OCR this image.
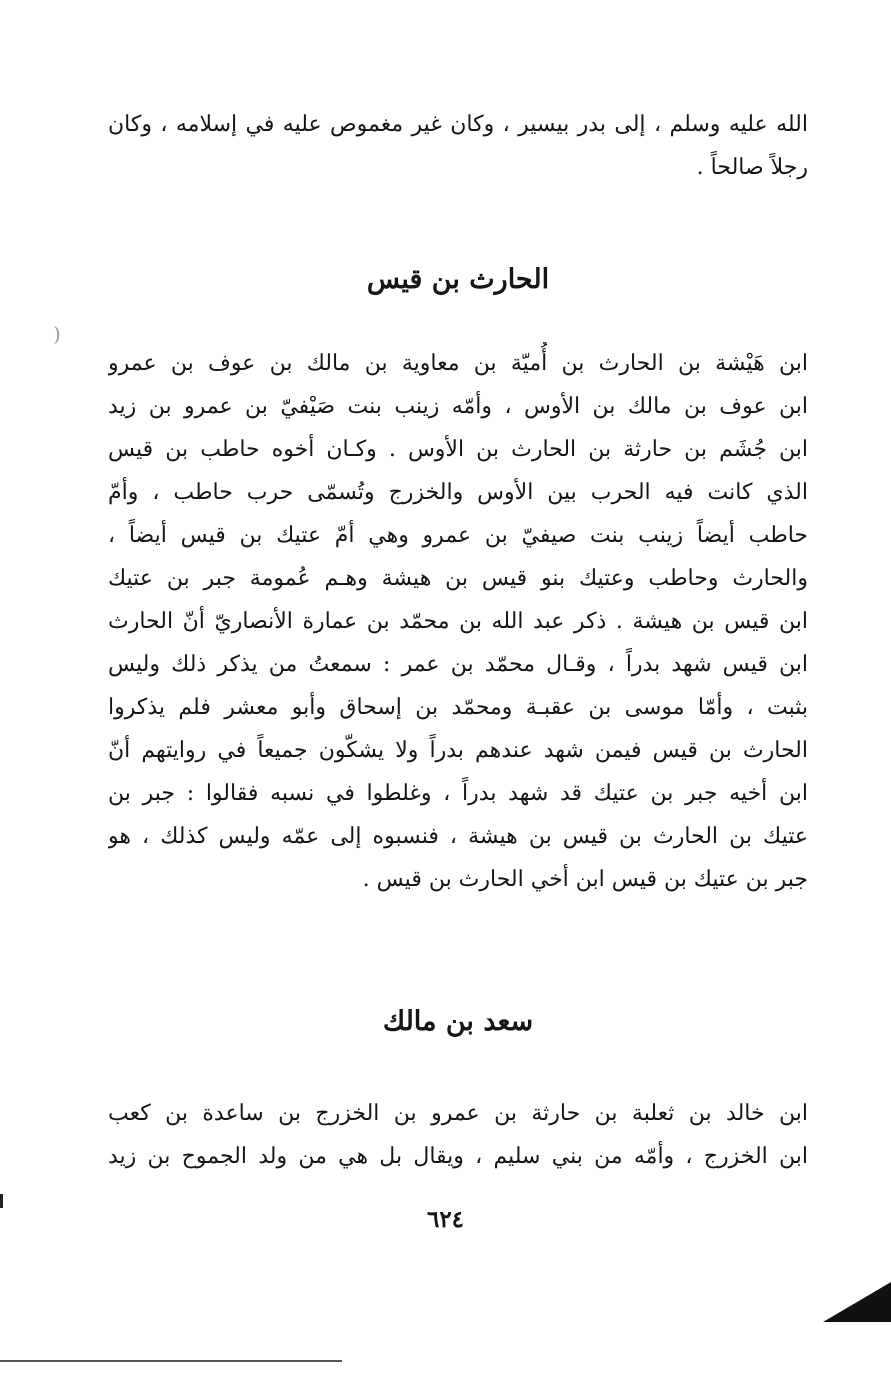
الله عليه وسلم ، إلى بدر بيسير ، وكان غير مغموص عليه في إسلامه ، وكان
رجلاً صالحاً .
الحارث بن قيس
)
ابن هَيْشة بن الحارث بن أُميّة بن معاوية بن مالك بن عوف بن عمرو
ابن عوف بن مالك بن الأوس ، وأمّه زينب بنت صَيْفيّ بن عمرو بن زيد
ابن جُشَم بن حارثة بن الحارث بن الأوس . وكـان أخوه حاطب بن قيس
الذي كانت فيه الحرب بين الأوس والخزرج وتُسمّى حرب حاطب ، وأمّ
حاطب أيضاً زينب بنت صيفيّ بن عمرو وهي أمّ عتيك بن قيس أيضاً ،
والحارث وحاطب وعتيك بنو قيس بن هيشة وهـم عُمومة جبر بن عتيك
ابن قيس بن هيشة . ذكر عبد الله بن محمّد بن عمارة الأنصاريّ أنّ الحارث
ابن قيس شهد بدراً ، وقـال محمّد بن عمر : سمعتُ من يذكر ذلك وليس
بثبت ، وأمّا موسى بن عقبـة ومحمّد بن إسحاق وأبو معشر فلم يذكروا
الحارث بن قيس فيمن شهد عندهم بدراً ولا يشكّون جميعاً في روايتهم أنّ
ابن أخيه جبر بن عتيك قد شهد بدراً ، وغلطوا في نسبه فقالوا : جبر بن
عتيك بن الحارث بن قيس بن هيشة ، فنسبوه إلى عمّه وليس كذلك ، هو
جبر بن عتيك بن قيس ابن أخي الحارث بن قيس .
سعد بن مالك
ابن خالد بن ثعلبة بن حارثة بن عمرو بن الخزرج بن ساعدة بن كعب
ابن الخزرج ، وأمّه من بني سليم ، ويقال بل هي من ولد الجموح بن زيد
٦٢٤
